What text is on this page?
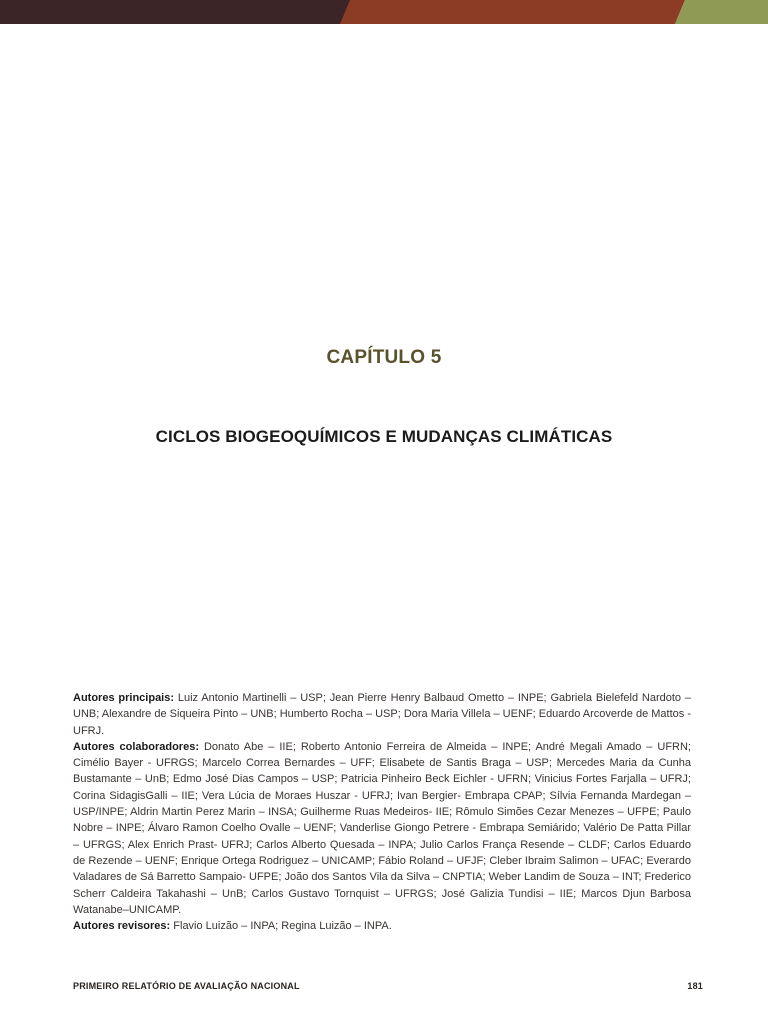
CAPÍTULO 5
CICLOS BIOGEOQUÍMICOS E MUDANÇAS CLIMÁTICAS

Autores principais: Luiz Antonio Martinelli – USP; Jean Pierre Henry Balbaud Ometto – INPE; Gabriela Bielefeld Nardoto – UNB; Alexandre de Siqueira Pinto – UNB; Humberto Rocha – USP; Dora Maria Villela – UENF; Eduardo Arcoverde de Mattos - UFRJ.

Autores colaboradores: Donato Abe – IIE; Roberto Antonio Ferreira de Almeida – INPE; André Megali Amado – UFRN; Cimélio Bayer - UFRGS; Marcelo Correa Bernardes – UFF; Elisabete de Santis Braga – USP; Mercedes Maria da Cunha Bustamante – UnB; Edmo José Dias Campos – USP; Patricia Pinheiro Beck Eichler - UFRN; Vinicius Fortes Farjalla – UFRJ; Corina SidagisGalli – IIE; Vera Lúcia de Moraes Huszar - UFRJ; Ivan Bergier- Embrapa CPAP; Sílvia Fernanda Mardegan – USP/INPE; Aldrin Martin Perez Marin – INSA; Guilherme Ruas Medeiros- IIE; Rômulo Simões Cezar Menezes – UFPE; Paulo Nobre – INPE; Álvaro Ramon Coelho Ovalle – UENF; Vanderlise Giongo Petrere - Embrapa Semiárido; Valério De Patta Pillar – UFRGS; Alex Enrich Prast- UFRJ; Carlos Alberto Quesada – INPA; Julio Carlos França Resende – CLDF; Carlos Eduardo de Rezende – UENF; Enrique Ortega Rodriguez – UNICAMP; Fábio Roland – UFJF; Cleber Ibraim Salimon – UFAC; Everardo Valadares de Sá Barretto Sampaio- UFPE; João dos Santos Vila da Silva – CNPTIA; Weber Landim de Souza – INT; Frederico Scherr Caldeira Takahashi – UnB; Carlos Gustavo Tornquist – UFRGS; José Galizia Tundisi – IIE; Marcos Djun Barbosa Watanabe–UNICAMP.

Autores revisores: Flavio Luizão – INPA; Regina Luizão – INPA.

PRIMEIRO RELATÓRIO DE AVALIAÇÃO NACIONAL	181
